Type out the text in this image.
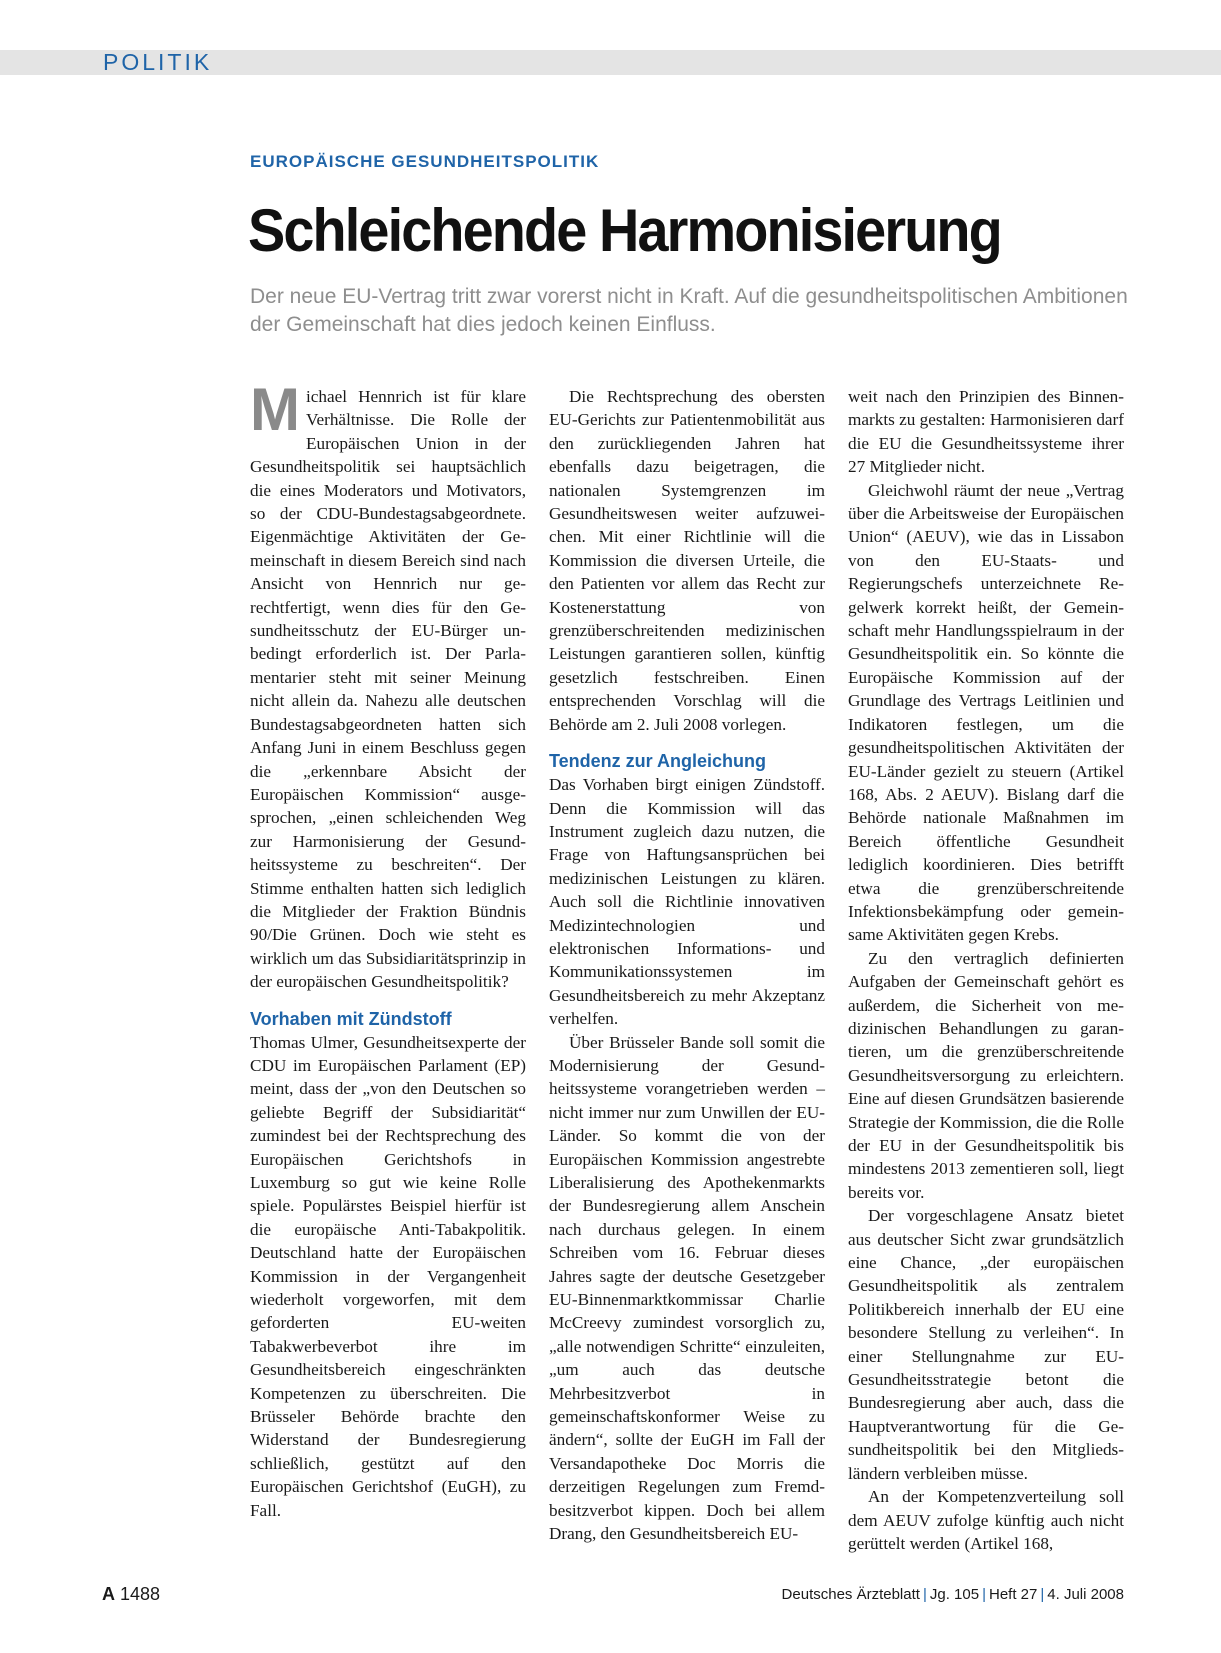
POLITIK
EUROPÄISCHE GESUNDHEITSPOLITIK
Schleichende Harmonisierung
Der neue EU-Vertrag tritt zwar vorerst nicht in Kraft. Auf die gesundheitspolitischen Ambitionen der Gemeinschaft hat dies jedoch keinen Einfluss.

Michael Hennrich ist für klare Verhältnisse. Die Rolle der Europäischen Union in der Gesundheitspolitik sei hauptsächlich die eines Moderators und Motivators, so der CDU-Bundestagsabgeordnete. Eigenmächtige Aktivitäten der Gemeinschaft in diesem Bereich sind nach Ansicht von Hennrich nur gerechtfertigt, wenn dies für den Gesundheitsschutz der EU-Bürger unbedingt erforderlich ist. Der Parlamentarier steht mit seiner Meinung nicht allein da. Nahezu alle deutschen Bundestagsabgeordneten hatten sich Anfang Juni in einem Beschluss gegen die „erkennbare Absicht der Europäischen Kommission“ ausgesprochen, „einen schleichenden Weg zur Harmonisierung der Gesundheitssysteme zu beschreiten“. Der Stimme enthalten hatten sich lediglich die Mitglieder der Fraktion Bündnis 90/Die Grünen. Doch wie steht es wirklich um das Subsidiaritätsprinzip in der europäischen Gesundheitspolitik?

Vorhaben mit Zündstoff

Thomas Ulmer, Gesundheitsexperte der CDU im Europäischen Parlament (EP) meint, dass der „von den Deutschen so geliebte Begriff der Subsidiarität“ zumindest bei der Rechtsprechung des Europäischen Gerichtshofs in Luxemburg so gut wie keine Rolle spiele. Populärstes Beispiel hierfür ist die europäische Anti-Tabakpolitik. Deutschland hatte der Europäischen Kommission in der Vergangenheit wiederholt vorgeworfen, mit dem geforderten EU-weiten Tabakwerbeverbot ihre im Gesundheitsbereich eingeschränkten Kompetenzen zu überschreiten. Die Brüsseler Behörde brachte den Widerstand der Bundesregierung schließlich, gestützt auf den Europäischen Gerichtshof (EuGH), zu Fall.

Die Rechtsprechung des obersten EU-Gerichts zur Patientenmobilität aus den zurückliegenden Jahren hat ebenfalls dazu beigetragen, die nationalen Systemgrenzen im Gesundheitswesen weiter aufzuweichen. Mit einer Richtlinie will die Kommission die diversen Urteile, die den Patienten vor allem das Recht zur Kostenerstattung von grenzüberschreitenden medizinischen Leistungen garantieren sollen, künftig gesetzlich festschreiben. Einen entsprechenden Vorschlag will die Behörde am 2. Juli 2008 vorlegen.

Tendenz zur Angleichung

Das Vorhaben birgt einigen Zündstoff. Denn die Kommission will das Instrument zugleich dazu nutzen, die Frage von Haftungsansprüchen bei medizinischen Leistungen zu klären. Auch soll die Richtlinie innovativen Medizintechnologien und elektronischen Informations- und Kommunikationssystemen im Gesundheitsbereich zu mehr Akzeptanz verhelfen.

Über Brüsseler Bande soll somit die Modernisierung der Gesundheitssysteme vorangetrieben werden – nicht immer nur zum Unwillen der EU-Länder. So kommt die von der Europäischen Kommission angestrebte Liberalisierung des Apothekenmarkts der Bundesregierung allem Anschein nach durchaus gelegen. In einem Schreiben vom 16. Februar dieses Jahres sagte der deutsche Gesetzgeber EU-Binnenmarktkommissar Charlie McCreevy zumindest vorsorglich zu, „alle notwendigen Schritte“ einzuleiten, „um auch das deutsche Mehrbesitzverbot in gemeinschaftskonformer Weise zu ändern“, sollte der EuGH im Fall der Versandapotheke Doc Morris die derzeitigen Regelungen zum Fremdbesitzverbot kippen. Doch bei allem Drang, den Gesundheitsbereich EU-

weit nach den Prinzipien des Binnenmarkts zu gestalten: Harmonisieren darf die EU die Gesundheitssysteme ihrer 27 Mitglieder nicht.

Gleichwohl räumt der neue „Vertrag über die Arbeitsweise der Europäischen Union“ (AEUV), wie das in Lissabon von den EU-Staats- und Regierungschefs unterzeichnete Regelwerk korrekt heißt, der Gemeinschaft mehr Handlungsspielraum in der Gesundheitspolitik ein. So könnte die Europäische Kommission auf der Grundlage des Vertrags Leitlinien und Indikatoren festlegen, um die gesundheitspolitischen Aktivitäten der EU-Länder gezielt zu steuern (Artikel 168, Abs. 2 AEUV). Bislang darf die Behörde nationale Maßnahmen im Bereich öffentliche Gesundheit lediglich koordinieren. Dies betrifft etwa die grenzüberschreitende Infektionsbekämpfung oder gemeinsame Aktivitäten gegen Krebs.

Zu den vertraglich definierten Aufgaben der Gemeinschaft gehört es außerdem, die Sicherheit von medizinischen Behandlungen zu garantieren, um die grenzüberschreitende Gesundheitsversorgung zu erleichtern. Eine auf diesen Grundsätzen basierende Strategie der Kommission, die die Rolle der EU in der Gesundheitspolitik bis mindestens 2013 zementieren soll, liegt bereits vor.

Der vorgeschlagene Ansatz bietet aus deutscher Sicht zwar grundsätzlich eine Chance, „der europäischen Gesundheitspolitik als zentralem Politikbereich innerhalb der EU eine besondere Stellung zu verleihen“. In einer Stellungnahme zur EU-Gesundheitsstrategie betont die Bundesregierung aber auch, dass die Hauptverantwortung für die Gesundheitspolitik bei den Mitgliedsländern verbleiben müsse.

An der Kompetenzverteilung soll dem AEUV zufolge künftig auch nicht gerüttelt werden (Artikel 168,

A 1488	Deutsches Ärzteblatt | Jg. 105 | Heft 27 | 4. Juli 2008
